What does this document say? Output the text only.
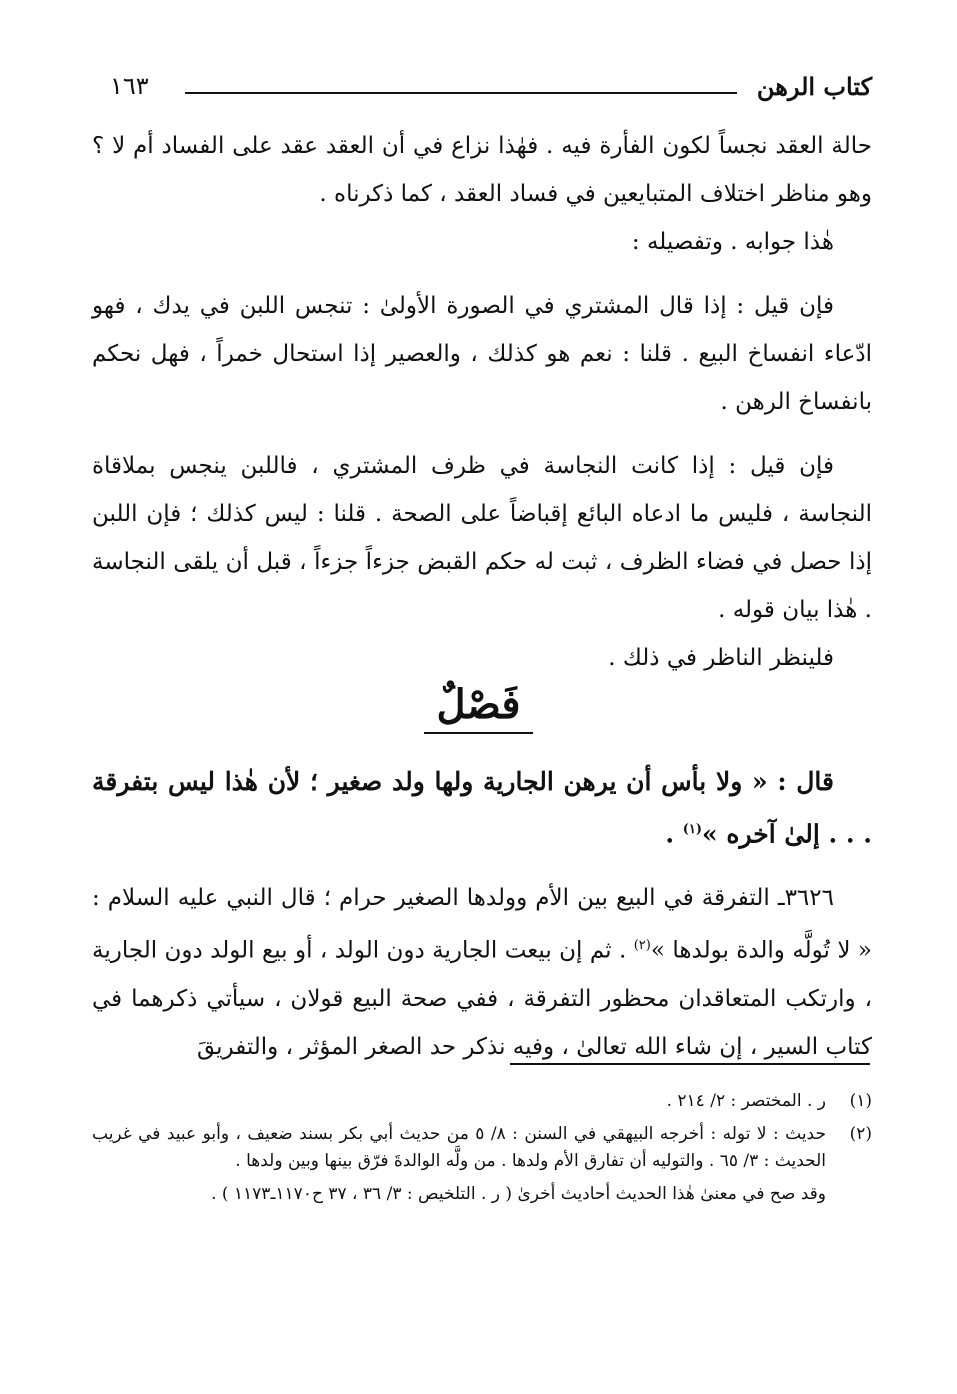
كتاب الرهن
١٦٣

حالة العقد نجساً لكون الفأرة فيه . فهٰذا نزاع في أن العقد عقد على الفساد أم لا ؟ وهو مناظر اختلاف المتبايعين في فساد العقد ، كما ذكرناه .

هٰذا جوابه . وتفصيله :

فإن قيل : إذا قال المشتري في الصورة الأولىٰ : تنجس اللبن في يدك ، فهو ادّعاء انفساخ البيع . قلنا : نعم هو كذلك ، والعصير إذا استحال خمراً ، فهل نحكم بانفساخ الرهن .

فإن قيل : إذا كانت النجاسة في ظرف المشتري ، فاللبن ينجس بملاقاة النجاسة ، فليس ما ادعاه البائع إقباضاً على الصحة . قلنا : ليس كذلك ؛ فإن اللبن إذا حصل في فضاء الظرف ، ثبت له حكم القبض جزءاً جزءاً ، قبل أن يلقى النجاسة . هٰذا بيان قوله .

فلينظر الناظر في ذلك .

فَصْلٌ

قال : « ولا بأس أن يرهن الجارية ولها ولد صغير ؛ لأن هٰذا ليس بتفرقة . . . إلىٰ آخره »$^{(١)}$ .

٣٦٢٦ـ التفرقة في البيع بين الأم وولدها الصغير حرام ؛ قال النبي عليه السلام : « لا تُولَّه والدة بولدها »$^{(٢)}$ . ثم إن بيعت الجارية دون الولد ، أو بيع الولد دون الجارية ، وارتكب المتعاقدان محظور التفرقة ، ففي صحة البيع قولان ، سيأتي ذكرهما في كتاب السير ، إن شاء الله تعالىٰ ، وفيه نذكر حد الصغر المؤثر ، والتفريقَ

(١)
ر . المختصر : ٢/ ٢١٤ .
(٢)
حديث : لا توله : أخرجه البيهقي في السنن : ٨/ ٥ من حديث أبي بكر بسند ضعيف ، وأبو عبيد في غريب الحديث : ٣/ ٦٥ . والتوليه أن تفارق الأم ولدها . من ولَّه الوالدةَ فرّق بينها وبين ولدها .
وقد صح في معنىٰ هٰذا الحديث أحاديث أخرىٰ ( ر . التلخيص : ٣/ ٣٦ ، ٣٧ ح١١٧٠ـ١١٧٣ ) .
